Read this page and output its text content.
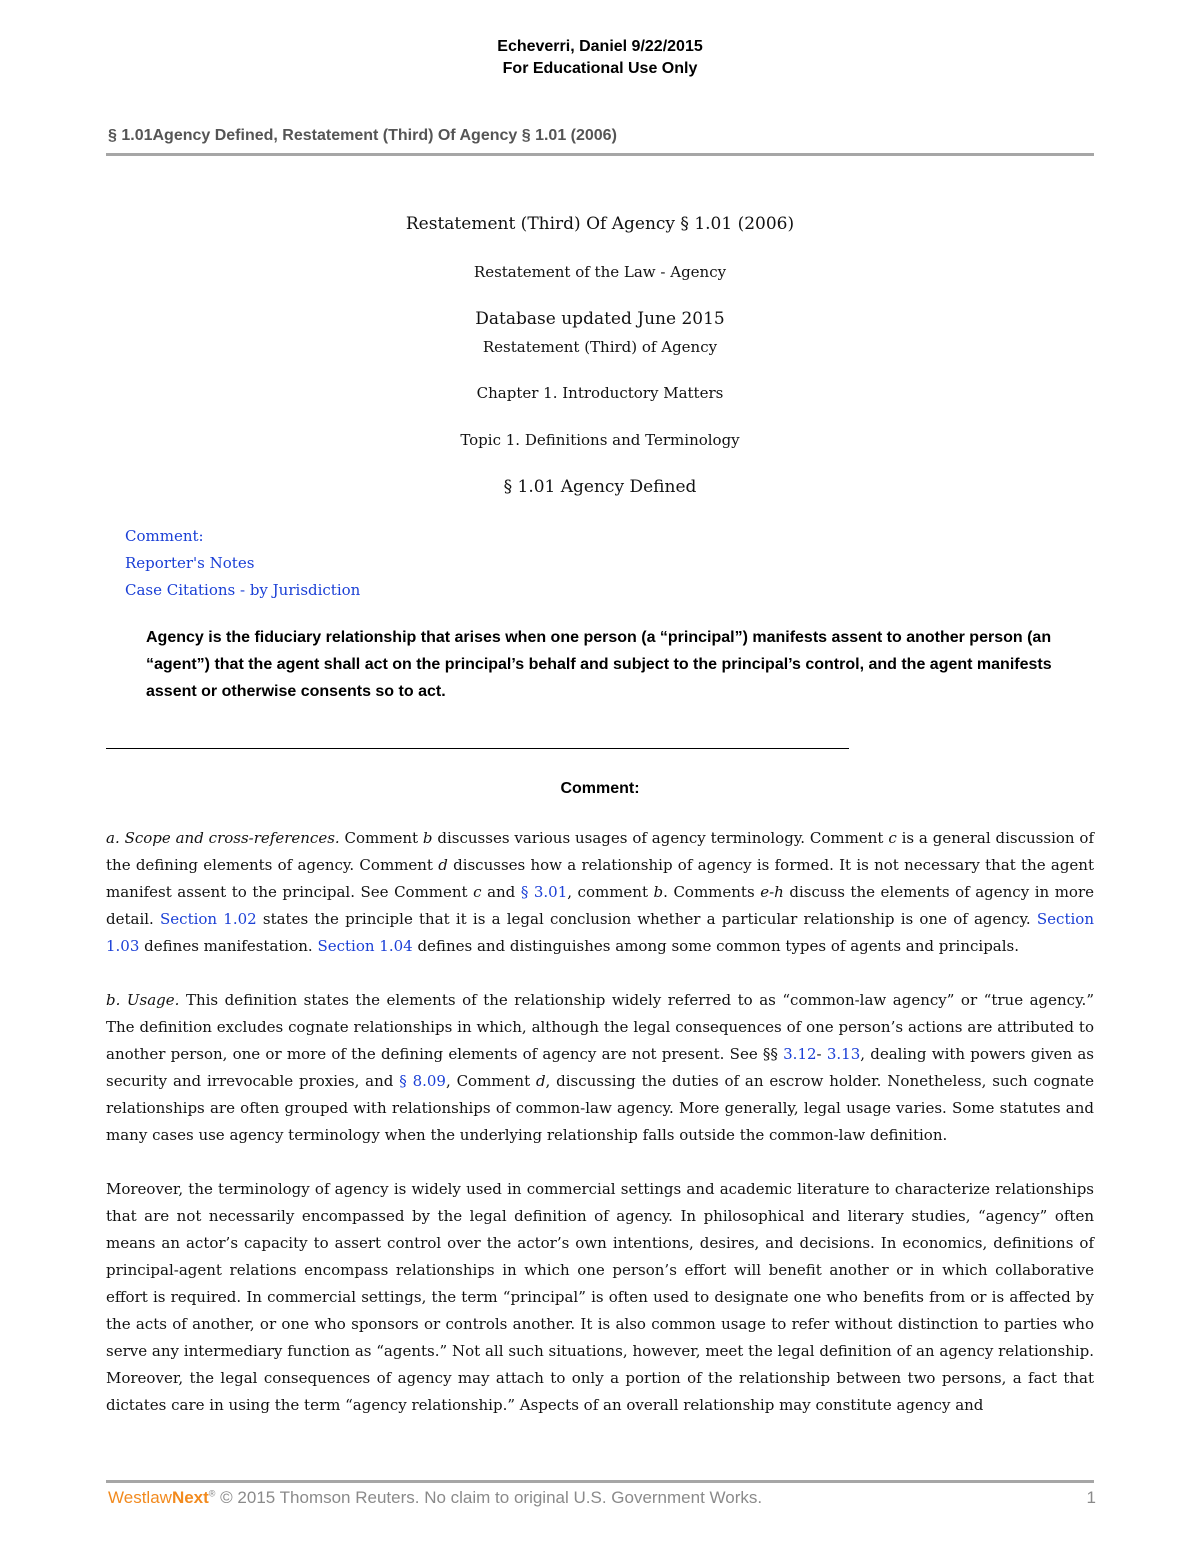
Echeverri, Daniel 9/22/2015
For Educational Use Only
§ 1.01Agency Defined, Restatement (Third) Of Agency § 1.01 (2006)
Restatement (Third) Of Agency § 1.01 (2006)
Restatement of the Law - Agency
Database updated June 2015
Restatement (Third) of Agency
Chapter 1. Introductory Matters
Topic 1. Definitions and Terminology
§ 1.01 Agency Defined
Comment:
Reporter's Notes
Case Citations - by Jurisdiction
Agency is the fiduciary relationship that arises when one person (a “principal”) manifests assent to another person (an “agent”) that the agent shall act on the principal’s behalf and subject to the principal’s control, and the agent manifests assent or otherwise consents so to act.
Comment:
a. Scope and cross-references. Comment b discusses various usages of agency terminology. Comment c is a general discussion of the defining elements of agency. Comment d discusses how a relationship of agency is formed. It is not necessary that the agent manifest assent to the principal. See Comment c and § 3.01, comment b. Comments e-h discuss the elements of agency in more detail. Section 1.02 states the principle that it is a legal conclusion whether a particular relationship is one of agency. Section 1.03 defines manifestation. Section 1.04 defines and distinguishes among some common types of agents and principals.
b. Usage. This definition states the elements of the relationship widely referred to as “common-law agency” or “true agency.” The definition excludes cognate relationships in which, although the legal consequences of one person’s actions are attributed to another person, one or more of the defining elements of agency are not present. See §§ 3.12- 3.13, dealing with powers given as security and irrevocable proxies, and § 8.09, Comment d, discussing the duties of an escrow holder. Nonetheless, such cognate relationships are often grouped with relationships of common-law agency. More generally, legal usage varies. Some statutes and many cases use agency terminology when the underlying relationship falls outside the common-law definition.
Moreover, the terminology of agency is widely used in commercial settings and academic literature to characterize relationships that are not necessarily encompassed by the legal definition of agency. In philosophical and literary studies, “agency” often means an actor’s capacity to assert control over the actor’s own intentions, desires, and decisions. In economics, definitions of principal-agent relations encompass relationships in which one person’s effort will benefit another or in which collaborative effort is required. In commercial settings, the term “principal” is often used to designate one who benefits from or is affected by the acts of another, or one who sponsors or controls another. It is also common usage to refer without distinction to parties who serve any intermediary function as “agents.” Not all such situations, however, meet the legal definition of an agency relationship. Moreover, the legal consequences of agency may attach to only a portion of the relationship between two persons, a fact that dictates care in using the term “agency relationship.” Aspects of an overall relationship may constitute agency and
WestlawNext® © 2015 Thomson Reuters. No claim to original U.S. Government Works.	1
